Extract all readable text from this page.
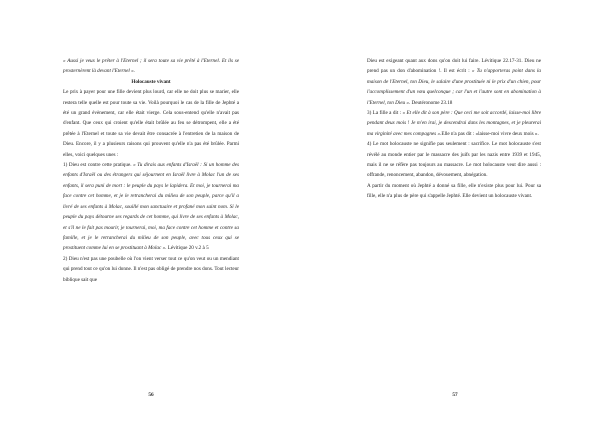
« Aussi je veux le prêter à l'Eternel ; il sera toute sa vie prêté à l'Eternel. Et ils se prosternèrent là devant l'Eternel ».

Holocauste vivant

Le prix à payer pour une fille devient plus lourd, car elle ne doit plus se marier, elle restera telle quelle est pour toute sa vie. Voilà pourquoi le cas de la fille de Jephté a été un grand évènement, car elle était vierge. Cela sous-entend qu'elle n'avait pas d'enfant. Que ceux qui croient qu'elle était brûlée au feu se détrompent, elle a été prêtée à l'Eternel et toute sa vie devait être consacrée à l'entretien de la maison de Dieu. Encore, il y a plusieurs raisons qui prouvent qu'elle n'a pas été brûlée. Parmi elles, voici quelques unes :

1) Dieu est contre cette pratique. « Tu dirais aux enfants d'Israël : Si un homme des enfants d'Israël ou des étrangers qui séjournent en Israël livre à Molac l'un de ses enfants, il sera puni de mort : le peuple du pays le lapidera. Et moi, je tournerai ma face contre cet homme, et je le retrancherai du milieu de son peuple, parce qu'il a livré de ses enfants à Molac, souillé mon sanctuaire et profané mon saint nom. Si le peuple du pays détourne ses regards de cet homme, qui livre de ses enfants à Molac, et s'il ne le fait pas mourir, je tournerai, moi, ma face contre cet homme et contre sa famille, et je le retrancherai du milieu de son peuple, avec tous ceux qui se prostituent comme lui en se prostituant à Molac ». Lévitique 20 v.2 à 5

2) Dieu n'est pas une poubelle où l'on vient verser tout ce qu'on veut ou un mendiant qui prend tout ce qu'on lui donne. Il n'est pas obligé de prendre nos dons. Tout lecteur biblique sait que

56

Dieu est exigeant quant aux dons qu'on doit lui faire. Lévitique 22.17-31. Dieu ne prend pas un don d'abomination !. Il est écrit : « Tu n'apporteras point dans la maison de l'Eternel, ton Dieu, le salaire d'une prostituée ni le prix d'un chien, pour l'accomplissement d'un vœu quelconque ; car l'un et l'autre sont en abomination à l'Eternel, ton Dieu ». Deutéronome 23.18

3) La fille a dit : « Et elle dit à son père : Que ceci me soit accordé, laisse-moi libre pendant deux mois ! Je m'en irai, je descendrai dans les montagnes, et je pleurerai ma virginité avec mes compagnes ».Elle n'a pas dit : «laisse-moi vivre deux mois ».

4) Le mot holocauste ne signifie pas seulement : sacrifice. Le mot holocauste s'est révélé au monde entier par le massacre des juifs par les nazis entre 1939 et 1945, mais il ne se réfère pas toujours au massacre. Le mot holocauste veut dire aussi : offrande, renoncement, abandon, dévouement, abnégation.

A partir du moment où Jephté a donné sa fille, elle n'existe plus pour lui. Pour sa fille, elle n'a plus de père qui s'appelle Jephté. Elle devient un holocauste vivant.

57
